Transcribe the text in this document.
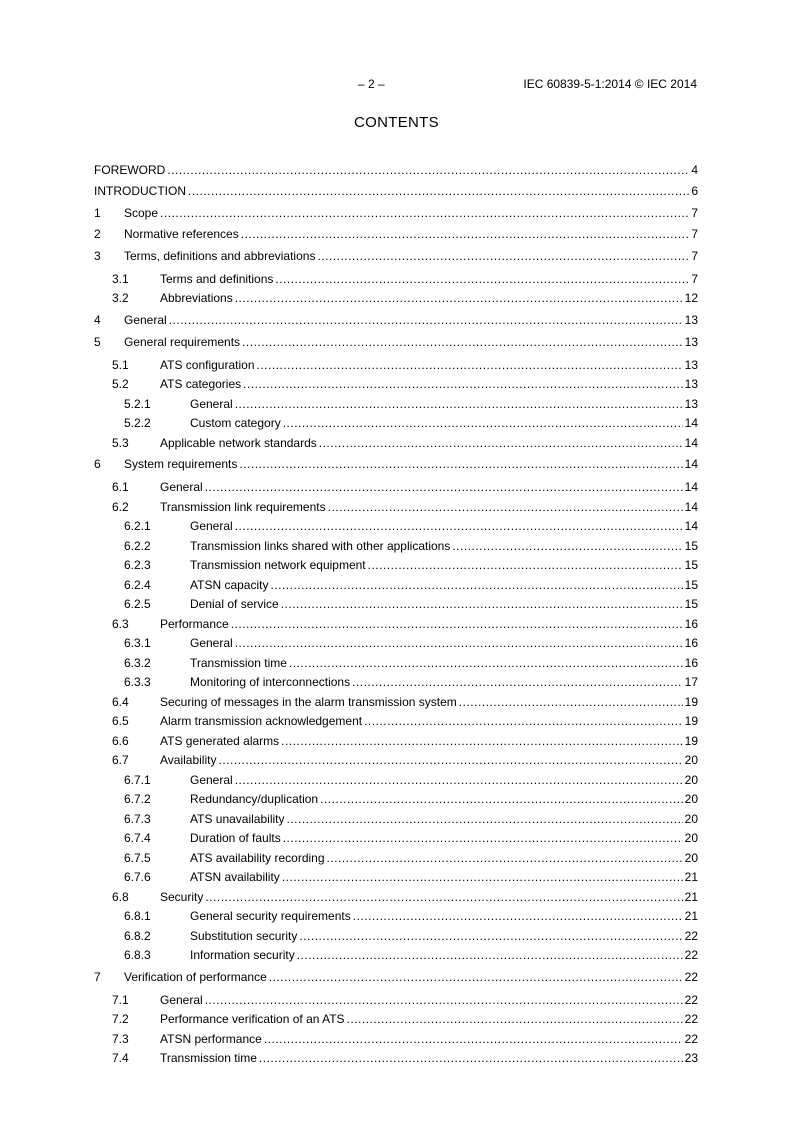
– 2 –	IEC 60839-5-1:2014 © IEC 2014
CONTENTS
FOREWORD .....	4
INTRODUCTION .....	6
1	Scope .....	7
2	Normative references .....	7
3	Terms, definitions and abbreviations .....	7
3.1	Terms and definitions .....	7
3.2	Abbreviations .....	12
4	General .....	13
5	General requirements .....	13
5.1	ATS configuration .....	13
5.2	ATS categories .....	13
5.2.1	General .....	13
5.2.2	Custom category .....	14
5.3	Applicable network standards .....	14
6	System requirements .....	14
6.1	General .....	14
6.2	Transmission link requirements .....	14
6.2.1	General .....	14
6.2.2	Transmission links shared with other applications .....	15
6.2.3	Transmission network equipment .....	15
6.2.4	ATSN capacity .....	15
6.2.5	Denial of service .....	15
6.3	Performance .....	16
6.3.1	General .....	16
6.3.2	Transmission time .....	16
6.3.3	Monitoring of interconnections .....	17
6.4	Securing of messages in the alarm transmission system .....	19
6.5	Alarm transmission acknowledgement .....	19
6.6	ATS generated alarms .....	19
6.7	Availability .....	20
6.7.1	General .....	20
6.7.2	Redundancy/duplication .....	20
6.7.3	ATS unavailability .....	20
6.7.4	Duration of faults .....	20
6.7.5	ATS availability recording .....	20
6.7.6	ATSN availability .....	21
6.8	Security .....	21
6.8.1	General security requirements .....	21
6.8.2	Substitution security .....	22
6.8.3	Information security .....	22
7	Verification of performance .....	22
7.1	General .....	22
7.2	Performance verification of an ATS .....	22
7.3	ATSN performance .....	22
7.4	Transmission time .....	23
